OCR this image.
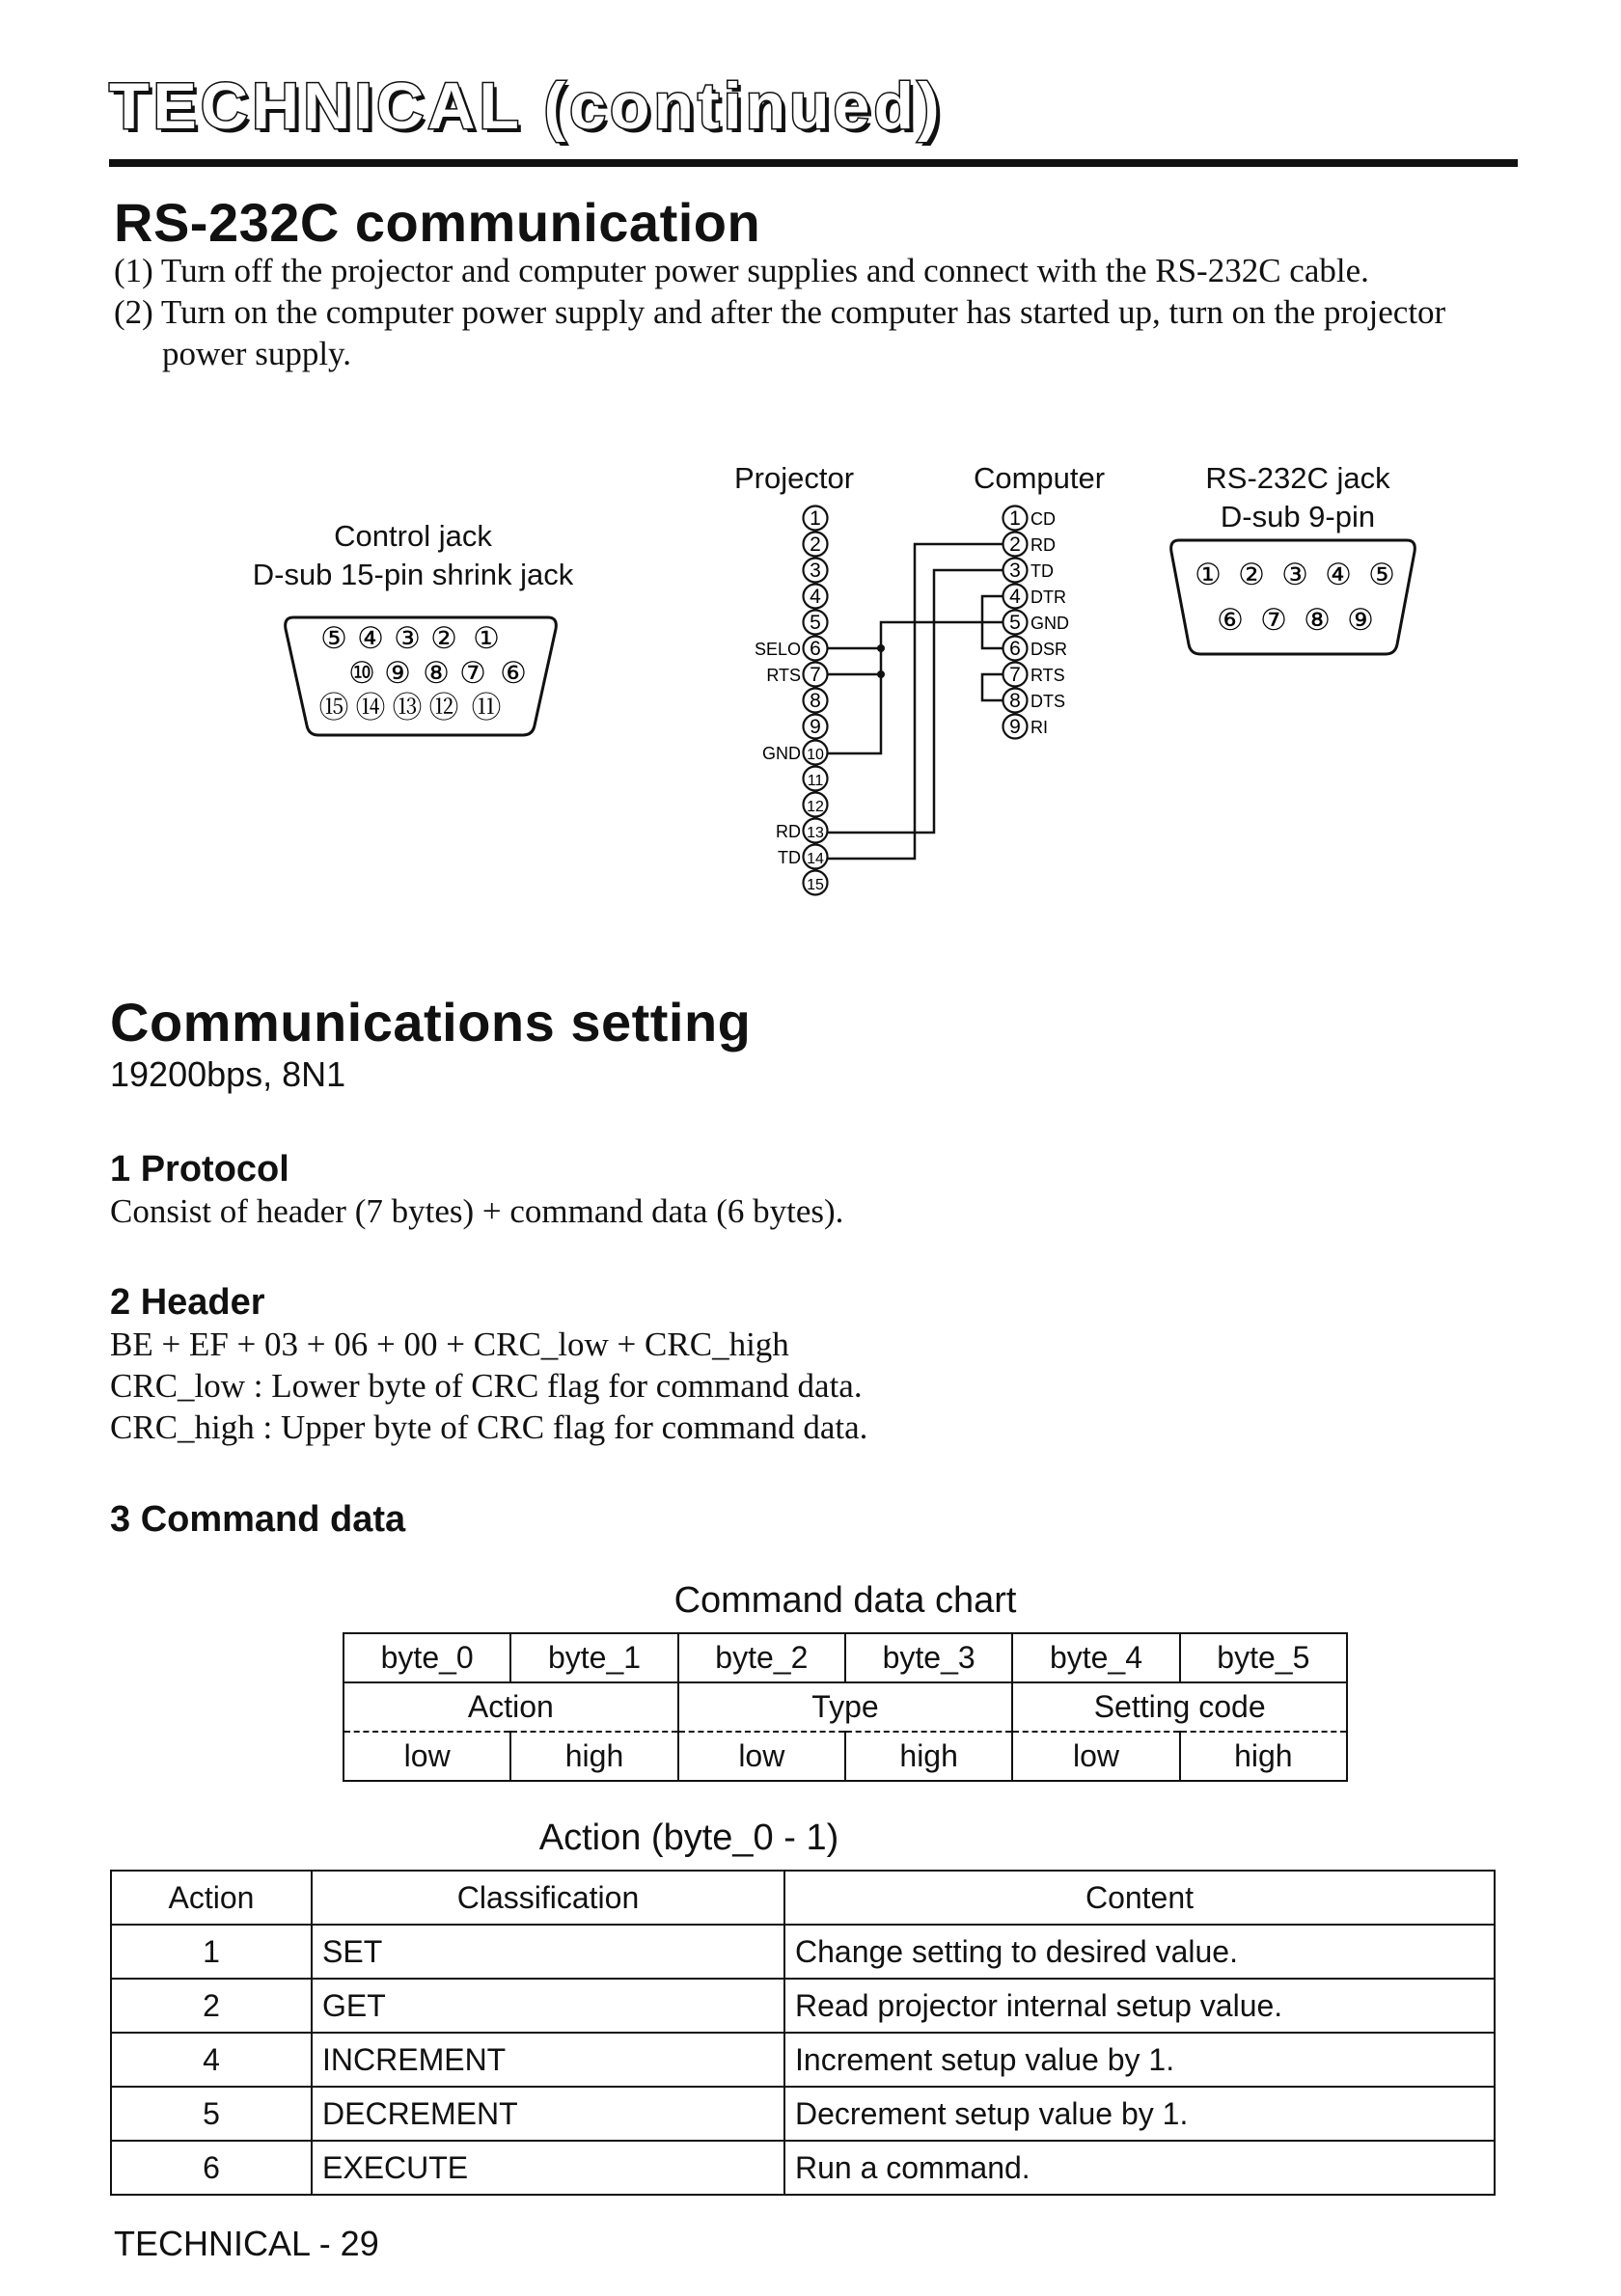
TECHNICAL (continued)
RS-232C communication
(1) Turn off the projector and computer power supplies and connect with the RS-232C cable.
(2) Turn on the computer power supply and after the computer has started up, turn on the projector
power supply.
Control jack
D-sub 15-pin shrink jack
Projector	Computer	RS-232C jack
D-sub 9-pin
⑤ ④ ③ ② ①
⑩ ⑨ ⑧ ⑦ ⑥
⑮ ⑭ ⑬ ⑫ ⑪
① ② ③ ④ ⑤
⑥ ⑦ ⑧ ⑨
1
2
3
4
5
6
SELO
7
RTS
8
9
10
GND
11
12
13
RD
14
TD
15
1 CD
2 RD
3 TD
4 DTR
5 GND
6 DSR
7 RTS
8 DTS
9 RI
Communications setting
19200bps, 8N1
1 Protocol
Consist of header (7 bytes) + command data (6 bytes).
2 Header
BE + EF + 03 + 06 + 00 + CRC_low + CRC_high
CRC_low : Lower byte of CRC flag for command data.
CRC_high : Upper byte of CRC flag for command data.
3 Command data
Command data chart
byte_0	byte_1	byte_2	byte_3	byte_4	byte_5
Action		Type		Setting code	
low	high	low	high	low	high
Action (byte_0 - 1)
Action	Classification	Content
1	SET	Change setting to desired value.
2	GET	Read projector internal setup value.
4	INCREMENT	Increment setup value by 1.
5	DECREMENT	Decrement setup value by 1.
6	EXECUTE	Run a command.
TECHNICAL - 29
